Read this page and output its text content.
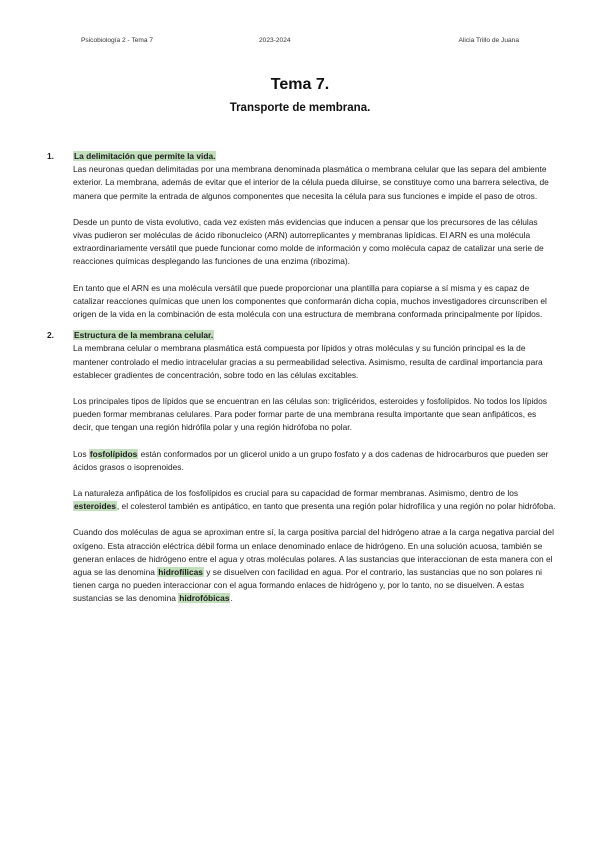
Psicobiología 2 - Tema 7	2023-2024	Alicia Trillo de Juana
Tema 7.
Transporte de membrana.
1. La delimitación que permite la vida.

Las neuronas quedan delimitadas por una membrana denominada plasmática o membrana celular que las separa del ambiente exterior. La membrana, además de evitar que el interior de la célula pueda diluirse, se constituye como una barrera selectiva, de manera que permite la entrada de algunos componentes que necesita la célula para sus funciones e impide el paso de otros.

Desde un punto de vista evolutivo, cada vez existen más evidencias que inducen a pensar que los precursores de las células vivas pudieron ser moléculas de ácido ribonucleico (ARN) autorreplicantes y membranas lipídicas. El ARN es una molécula extraordinariamente versátil que puede funcionar como molde de información y como molécula capaz de catalizar una serie de reacciones químicas desplegando las funciones de una enzima (ribozima).

En tanto que el ARN es una molécula versátil que puede proporcionar una plantilla para copiarse a sí misma y es capaz de catalizar reacciones químicas que unen los componentes que conformarán dicha copia, muchos investigadores circunscriben el origen de la vida en la combinación de esta molécula con una estructura de membrana conformada principalmente por lípidos.

2. Estructura de la membrana celular.

La membrana celular o membrana plasmática está compuesta por lípidos y otras moléculas y su función principal es la de mantener controlado el medio intracelular gracias a su permeabilidad selectiva. Asimismo, resulta de cardinal importancia para establecer gradientes de concentración, sobre todo en las células excitables.

Los principales tipos de lípidos que se encuentran en las células son: triglicéridos, esteroides y fosfolípidos. No todos los lípidos pueden formar membranas celulares. Para poder formar parte de una membrana resulta importante que sean anfipáticos, es decir, que tengan una región hidrófila polar y una región hidrófoba no polar.

Los fosfolípidos están conformados por un glicerol unido a un grupo fosfato y a dos cadenas de hidrocarburos que pueden ser ácidos grasos o isoprenoides.

La naturaleza anfipática de los fosfolípidos es crucial para su capacidad de formar membranas. Asimismo, dentro de los esteroides, el colesterol también es antipático, en tanto que presenta una región polar hidrofílica y una región no polar hidrófoba.

Cuando dos moléculas de agua se aproximan entre sí, la carga positiva parcial del hidrógeno atrae a la carga negativa parcial del oxígeno. Esta atracción eléctrica débil forma un enlace denominado enlace de hidrógeno. En una solución acuosa, también se generan enlaces de hidrógeno entre el agua y otras moléculas polares. A las sustancias que interaccionan de esta manera con el agua se las denomina hidrofílicas y se disuelven con facilidad en agua. Por el contrario, las sustancias que no son polares ni tienen carga no pueden interaccionar con el agua formando enlaces de hidrógeno y, por lo tanto, no se disuelven. A estas sustancias se las denomina hidrofóbicas.
